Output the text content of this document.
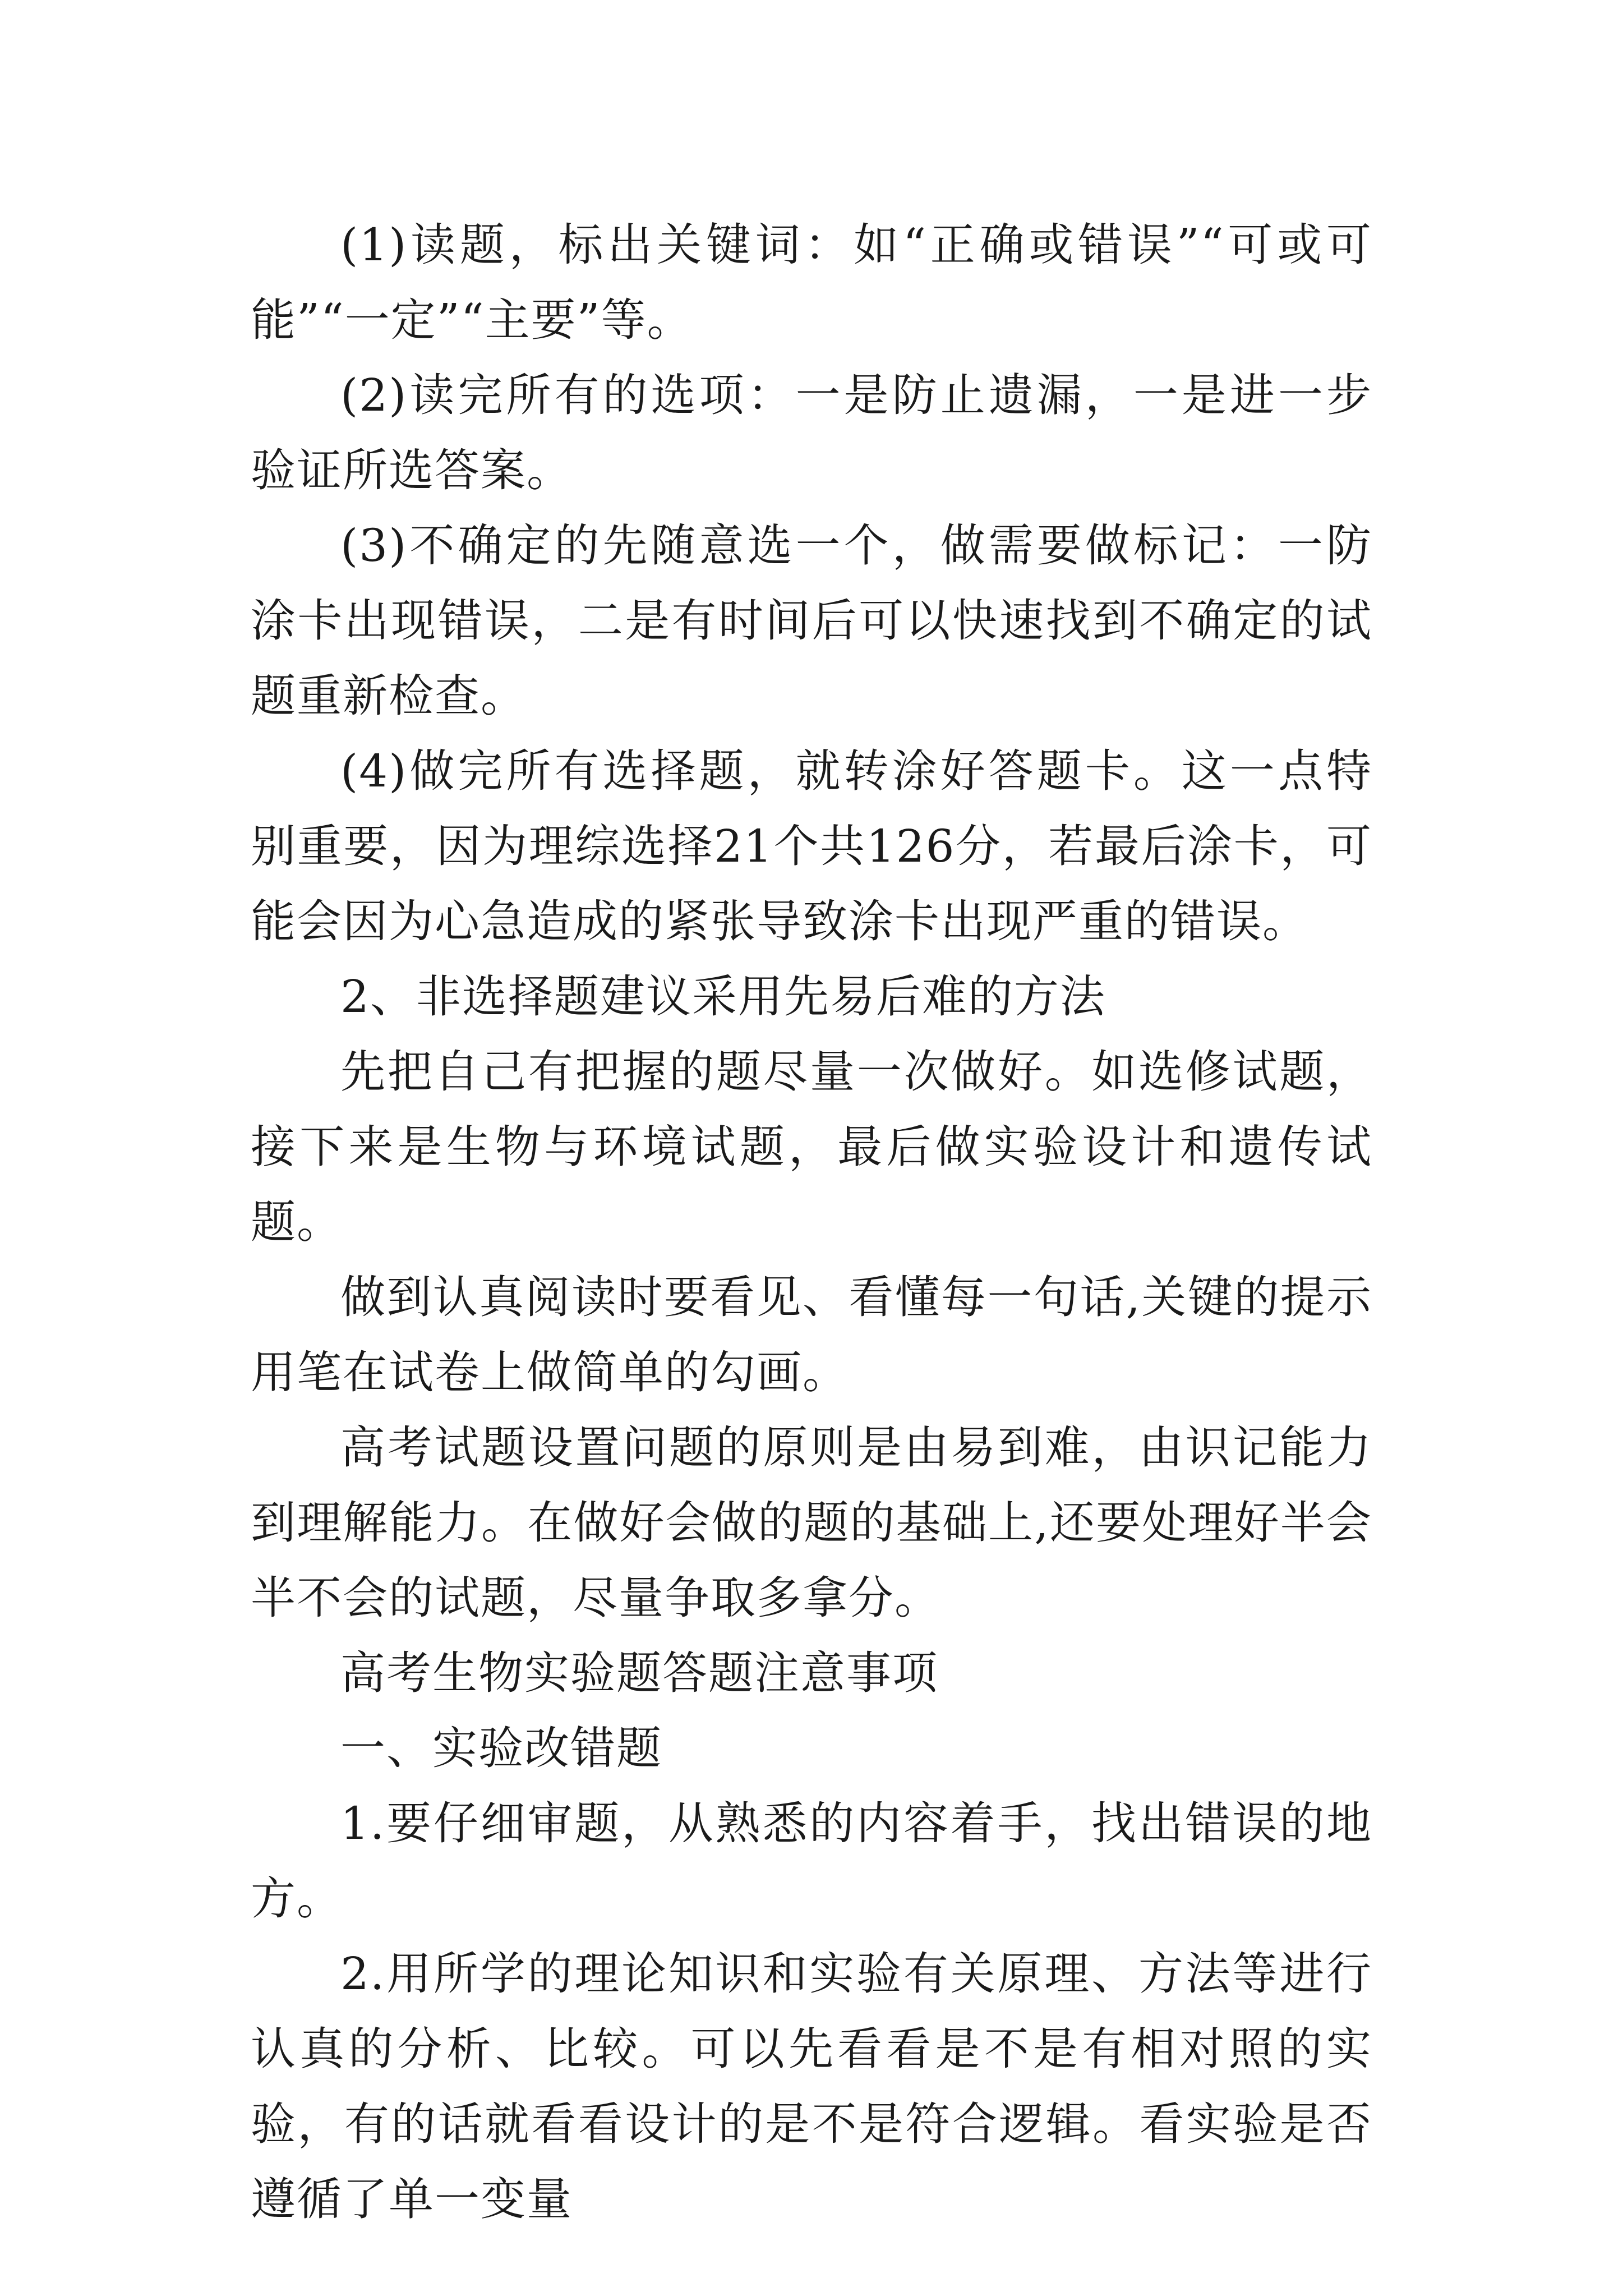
(1)读题，标出关键词：如“正确或错误”“可或可能”“一定”“主要”等。

(2)读完所有的选项：一是防止遗漏，一是进一步验证所选答案。

(3)不确定的先随意选一个，做需要做标记：一防涂卡出现错误，二是有时间后可以快速找到不确定的试题重新检查。

(4)做完所有选择题，就转涂好答题卡。这一点特别重要，因为理综选择21个共126分，若最后涂卡，可能会因为心急造成的紧张导致涂卡出现严重的错误。

2、非选择题建议采用先易后难的方法

先把自己有把握的题尽量一次做好。如选修试题，接下来是生物与环境试题，最后做实验设计和遗传试题。

做到认真阅读时要看见、看懂每一句话,关键的提示用笔在试卷上做简单的勾画。

高考试题设置问题的原则是由易到难，由识记能力到理解能力。在做好会做的题的基础上,还要处理好半会半不会的试题，尽量争取多拿分。

高考生物实验题答题注意事项

一、实验改错题

1.要仔细审题，从熟悉的内容着手，找出错误的地方。

2.用所学的理论知识和实验有关原理、方法等进行认真的分析、比较。可以先看看是不是有相对照的实验，有的话就看看设计的是不是符合逻辑。看实验是否遵循了单一变量
